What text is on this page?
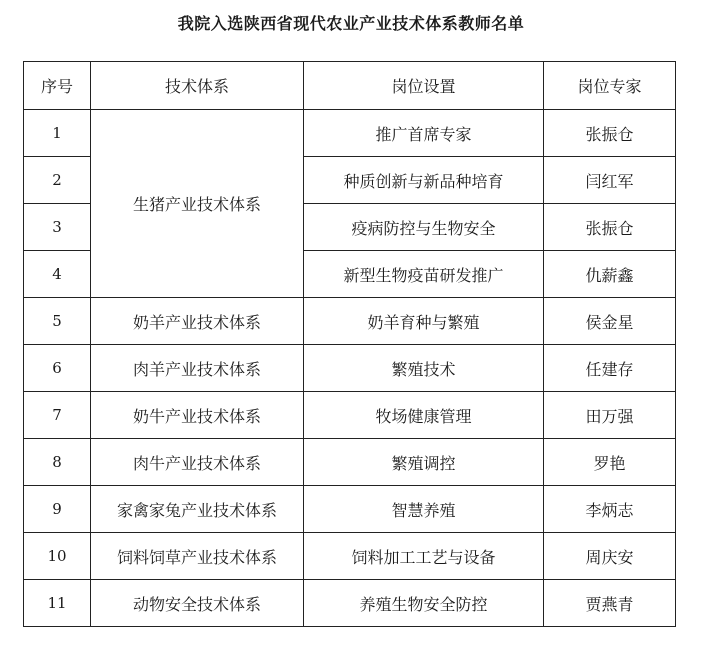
我院入选陕西省现代农业产业技术体系教师名单
序号	技术体系	岗位设置	岗位专家
1	生猪产业技术体系	推广首席专家	张振仓
2		种质创新与新品种培育	闫红军
3		疫病防控与生物安全	张振仓
4		新型生物疫苗研发推广	仇薪鑫
5	奶羊产业技术体系	奶羊育种与繁殖	侯金星
6	肉羊产业技术体系	繁殖技术	任建存
7	奶牛产业技术体系	牧场健康管理	田万强
8	肉牛产业技术体系	繁殖调控	罗艳
9	家禽家兔产业技术体系	智慧养殖	李炳志
10	饲料饲草产业技术体系	饲料加工工艺与设备	周庆安
11	动物安全技术体系	养殖生物安全防控	贾燕青
